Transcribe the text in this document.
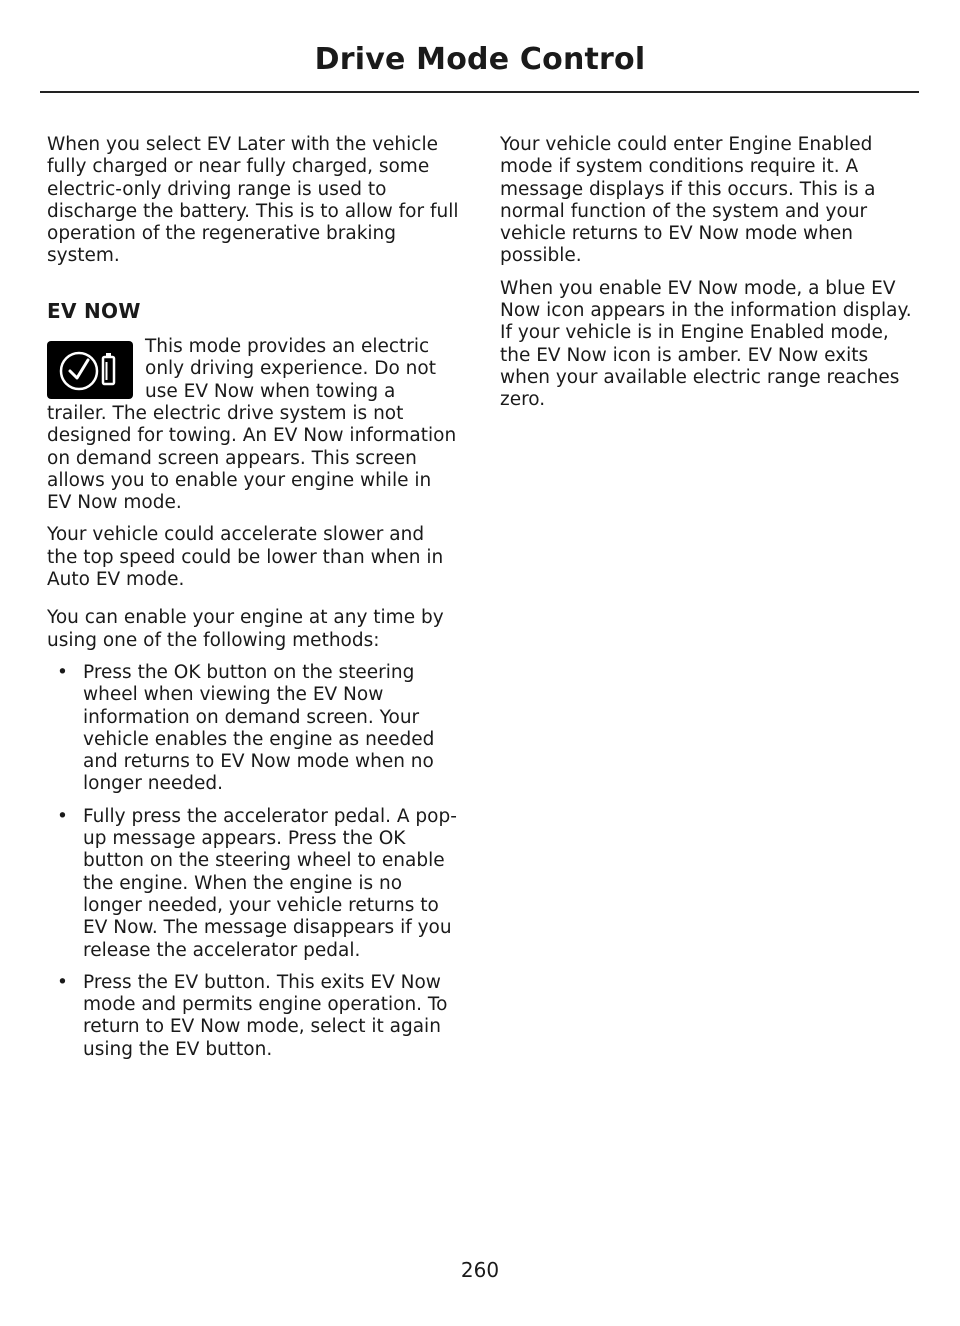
Drive Mode Control

When you select EV Later with the vehicle fully charged or near fully charged, some electric-only driving range is used to discharge the battery. This is to allow for full operation of the regenerative braking system.

EV NOW

This mode provides an electric only driving experience. Do not use EV Now when towing a trailer. The electric drive system is not designed for towing. An EV Now information on demand screen appears. This screen allows you to enable your engine while in EV Now mode.

Your vehicle could accelerate slower and the top speed could be lower than when in Auto EV mode.

You can enable your engine at any time by using one of the following methods:

• Press the OK button on the steering wheel when viewing the EV Now information on demand screen. Your vehicle enables the engine as needed and returns to EV Now mode when no longer needed.
• Fully press the accelerator pedal. A pop-up message appears. Press the OK button on the steering wheel to enable the engine. When the engine is no longer needed, your vehicle returns to EV Now. The message disappears if you release the accelerator pedal.
• Press the EV button. This exits EV Now mode and permits engine operation. To return to EV Now mode, select it again using the EV button.

Your vehicle could enter Engine Enabled mode if system conditions require it. A message displays if this occurs. This is a normal function of the system and your vehicle returns to EV Now mode when possible.

When you enable EV Now mode, a blue EV Now icon appears in the information display. If your vehicle is in Engine Enabled mode, the EV Now icon is amber. EV Now exits when your available electric range reaches zero.

260
